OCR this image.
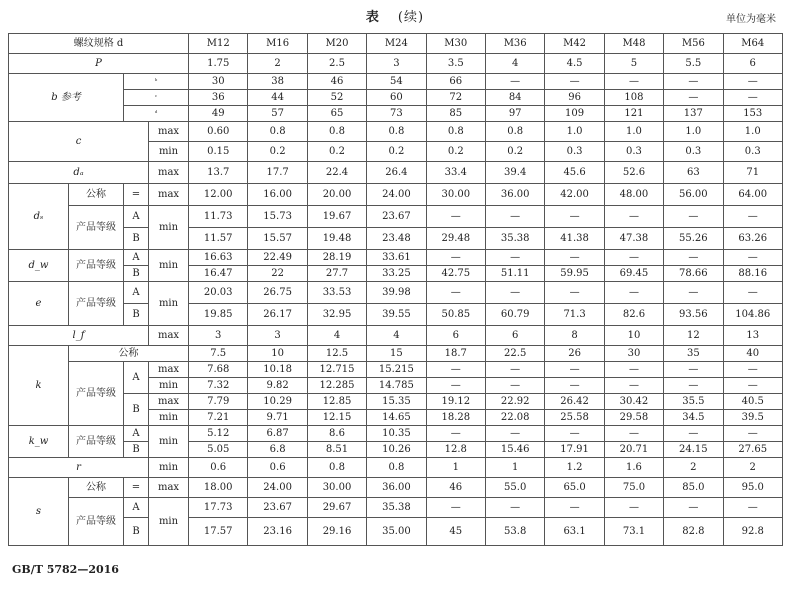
表 (续)	单位为毫米
螺纹规格 d				M12	M16	M20	M24	M30	M36	M42	M48	M56	M64
P				1.75	2	2.5	3	3.5	4	4.5	5	5.5	6
b 参考		ᵇ		30	38	46	54	66	—	—	—	—	—
		ᶜ		36	44	52	60	72	84	96	108	—	—
		ᵈ		49	57	65	73	85	97	109	121	137	153
c			max	0.60	0.8	0.8	0.8	0.8	0.8	1.0	1.0	1.0	1.0
			min	0.15	0.2	0.2	0.2	0.2	0.2	0.3	0.3	0.3	0.3
dₐ			max	13.7	17.7	22.4	26.4	33.4	39.4	45.6	52.6	63	71
dₛ	公称	=	max	12.00	16.00	20.00	24.00	30.00	36.00	42.00	48.00	56.00	64.00
	产品等级	A	min	11.73	15.73	19.67	23.67	—	—	—	—	—	—
		B		11.57	15.57	19.48	23.48	29.48	35.38	41.38	47.38	55.26	63.26
d_w	产品等级	A	min	16.63	22.49	28.19	33.61	—	—	—	—	—	—
		B		16.47	22	27.7	33.25	42.75	51.11	59.95	69.45	78.66	88.16
e	产品等级	A	min	20.03	26.75	33.53	39.98	—	—	—	—	—	—
		B		19.85	26.17	32.95	39.55	50.85	60.79	71.3	82.6	93.56	104.86
l_f			max	3	3	4	4	6	6	8	10	12	13
k	公称			7.5	10	12.5	15	18.7	22.5	26	30	35	40
	产品等级	A	max	7.68	10.18	12.715	15.215	—	—	—	—	—	—
			min	7.32	9.82	12.285	14.785	—	—	—	—	—	—
		B	max	7.79	10.29	12.85	15.35	19.12	22.92	26.42	30.42	35.5	40.5
			min	7.21	9.71	12.15	14.65	18.28	22.08	25.58	29.58	34.5	39.5
k_w	产品等级	A	min	5.12	6.87	8.6	10.35	—	—	—	—	—	—
		B		5.05	6.8	8.51	10.26	12.8	15.46	17.91	20.71	24.15	27.65
r			min	0.6	0.6	0.8	0.8	1	1	1.2	1.6	2	2
s	公称	=	max	18.00	24.00	30.00	36.00	46	55.0	65.0	75.0	85.0	95.0
	产品等级	A	min	17.73	23.67	29.67	35.38	—	—	—	—	—	—
		B		17.57	23.16	29.16	35.00	45	53.8	63.1	73.1	82.8	92.8
GB/T 5782—2016
